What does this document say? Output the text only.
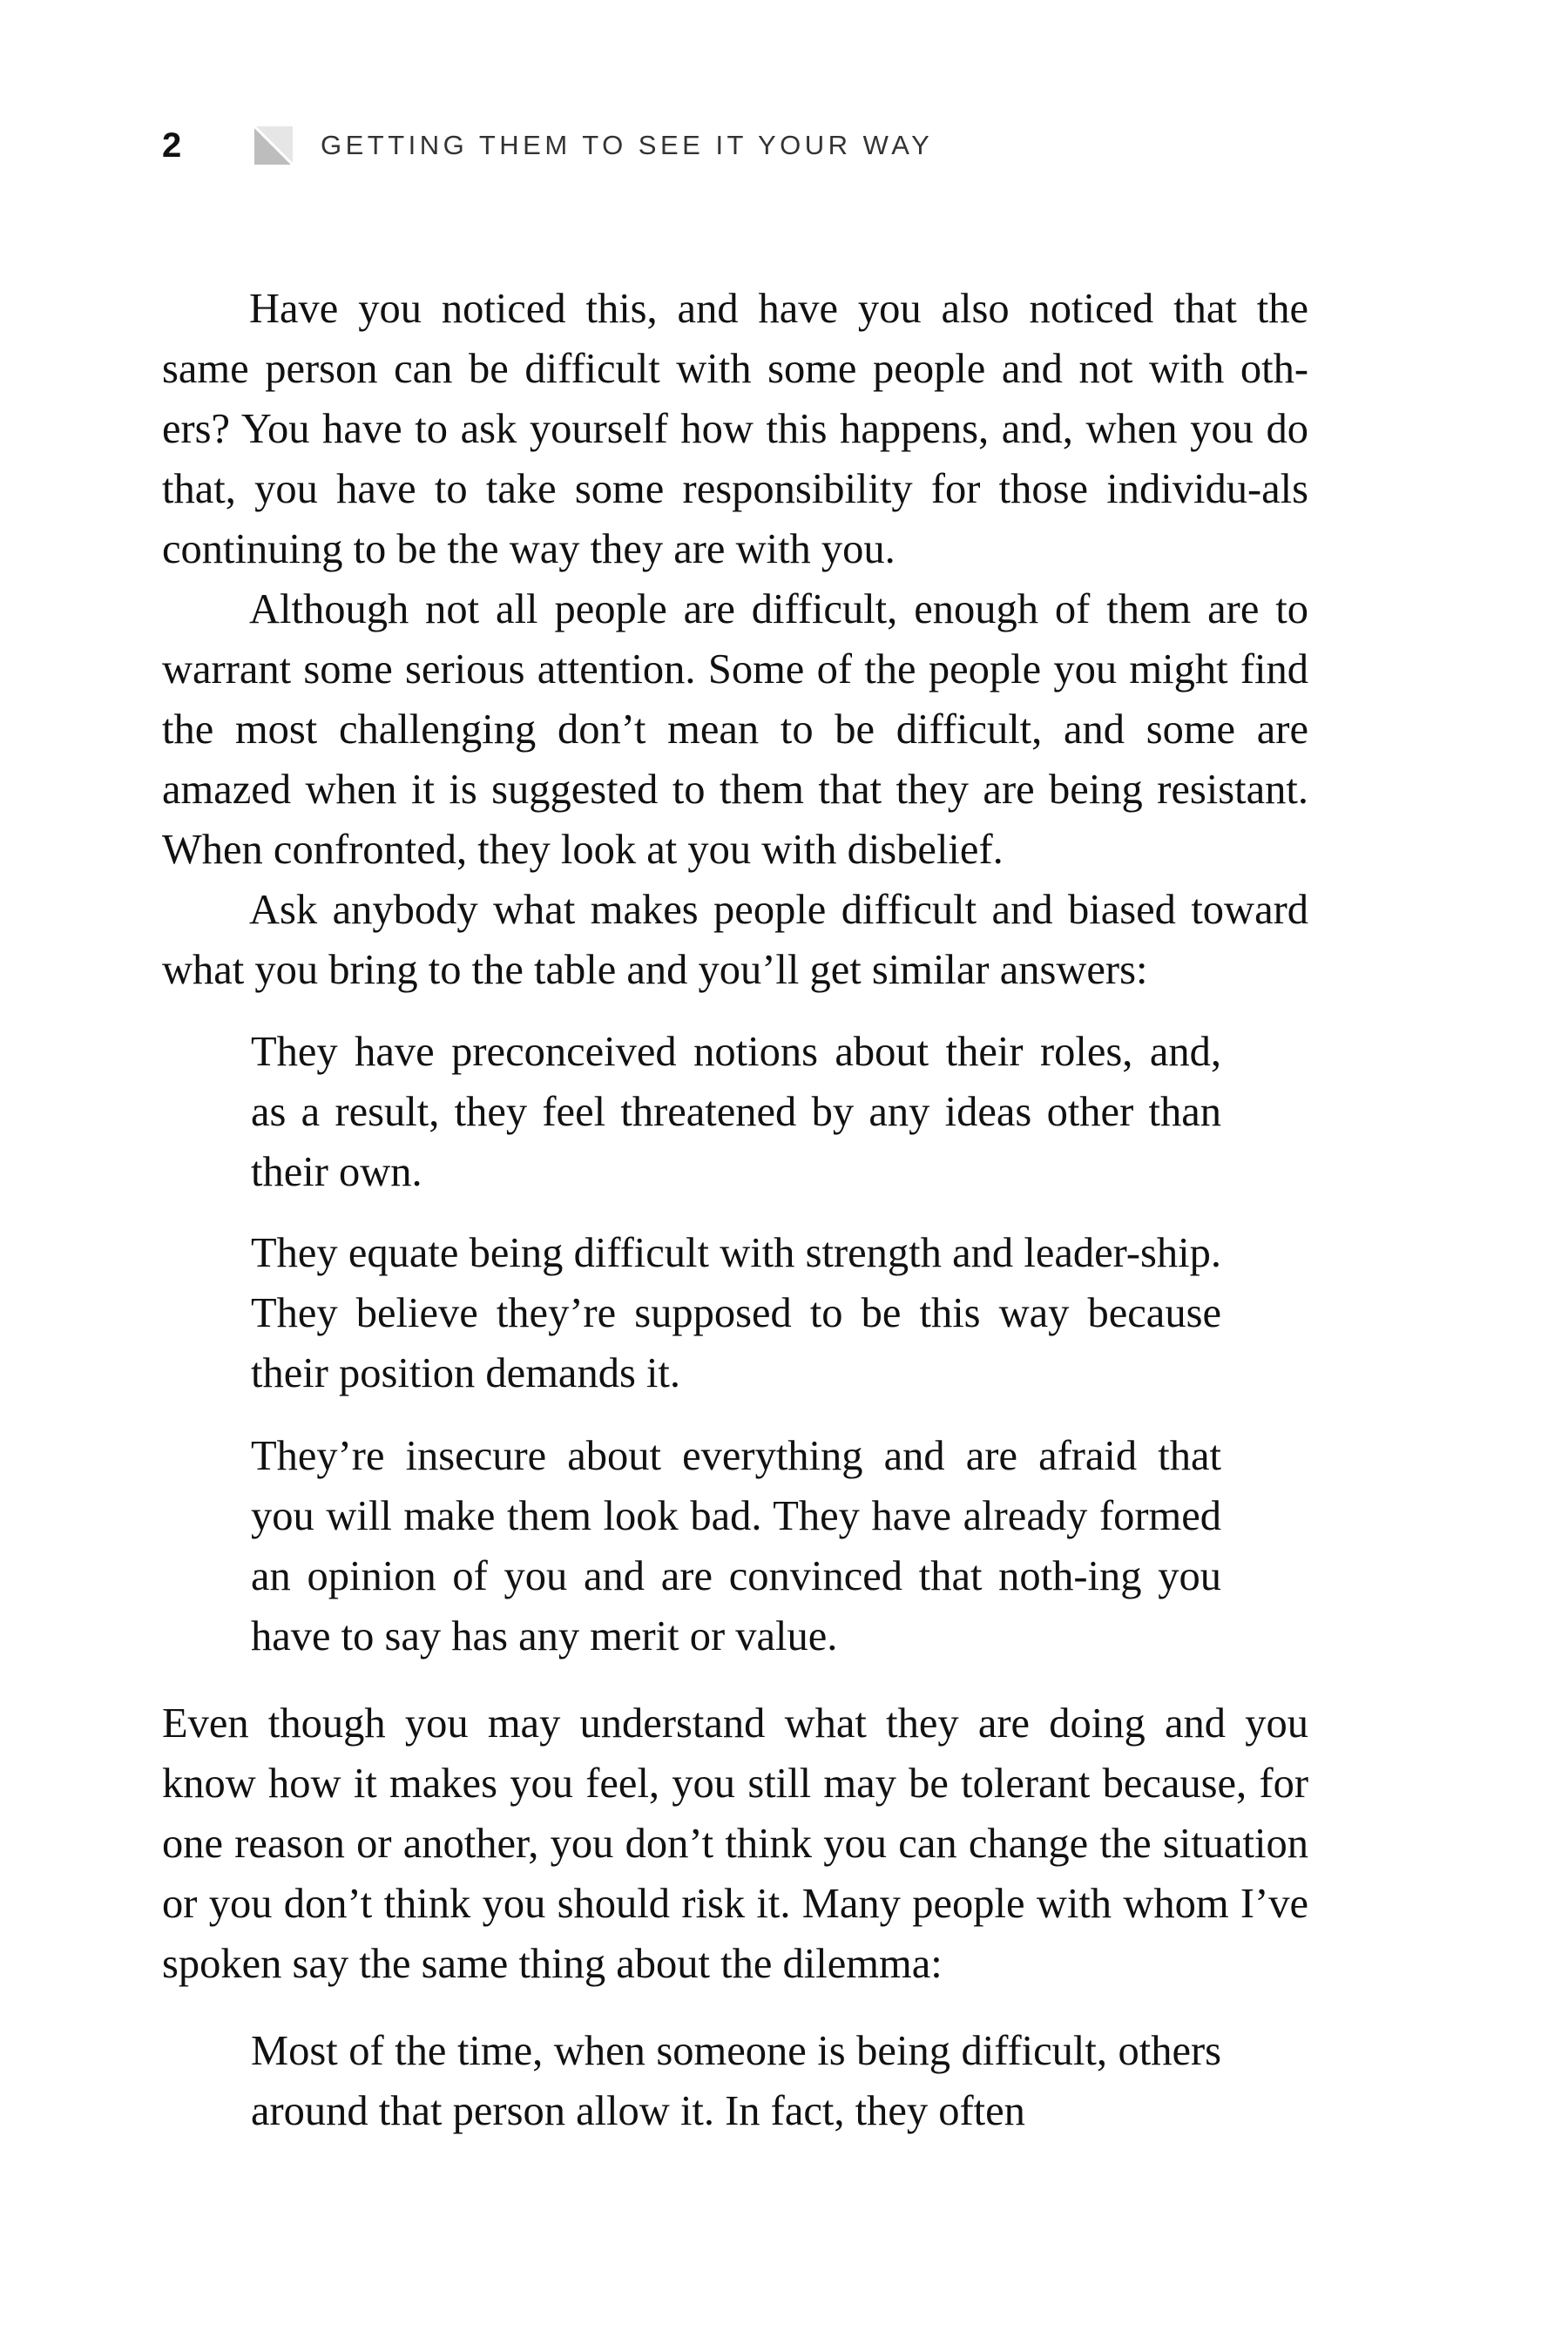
2	GETTING THEM TO SEE IT YOUR WAY

Have you noticed this, and have you also noticed that the same person can be difficult with some people and not with oth-ers? You have to ask yourself how this happens, and, when you do that, you have to take some responsibility for those individu-als continuing to be the way they are with you.

Although not all people are difficult, enough of them are to warrant some serious attention. Some of the people you might find the most challenging don’t mean to be difficult, and some are amazed when it is suggested to them that they are being resistant. When confronted, they look at you with disbelief.

Ask anybody what makes people difficult and biased toward what you bring to the table and you’ll get similar answers:

They have preconceived notions about their roles, and, as a result, they feel threatened by any ideas other than their own.

They equate being difficult with strength and leader-ship. They believe they’re supposed to be this way because their position demands it.

They’re insecure about everything and are afraid that you will make them look bad. They have already formed an opinion of you and are convinced that noth-ing you have to say has any merit or value.

Even though you may understand what they are doing and you know how it makes you feel, you still may be tolerant because, for one reason or another, you don’t think you can change the situation or you don’t think you should risk it. Many people with whom I’ve spoken say the same thing about the dilemma:

Most of the time, when someone is being difficult, others around that person allow it. In fact, they often
